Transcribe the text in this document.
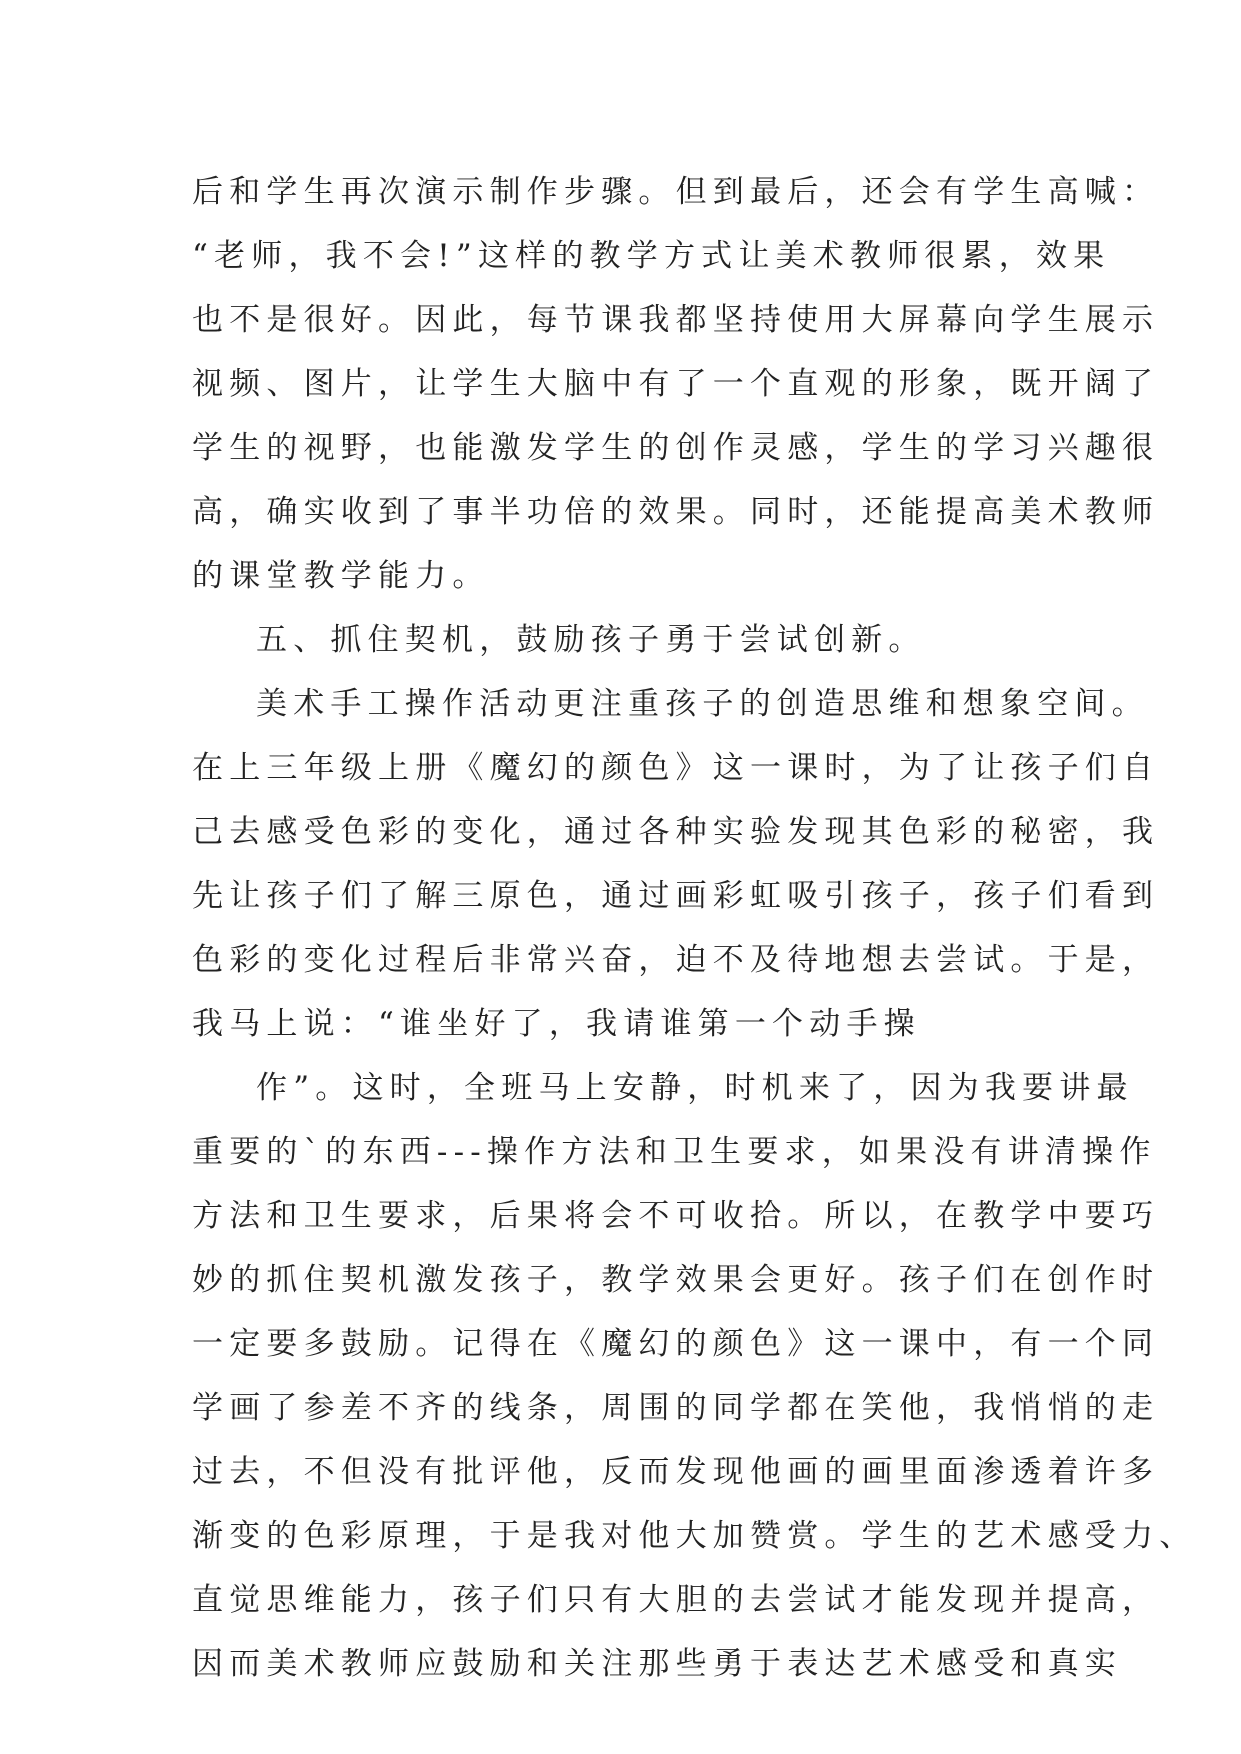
后和学生再次演示制作步骤。但到最后，还会有学生高喊：
“老师，我不会!”这样的教学方式让美术教师很累，效果
也不是很好。因此，每节课我都坚持使用大屏幕向学生展示
视频、图片，让学生大脑中有了一个直观的形象，既开阔了
学生的视野，也能激发学生的创作灵感，学生的学习兴趣很
高，确实收到了事半功倍的效果。同时，还能提高美术教师
的课堂教学能力。
五、抓住契机，鼓励孩子勇于尝试创新。
美术手工操作活动更注重孩子的创造思维和想象空间。
在上三年级上册《魔幻的颜色》这一课时，为了让孩子们自
己去感受色彩的变化，通过各种实验发现其色彩的秘密，我
先让孩子们了解三原色，通过画彩虹吸引孩子，孩子们看到
色彩的变化过程后非常兴奋，迫不及待地想去尝试。于是，
我马上说：“谁坐好了，我请谁第一个动手操
作”。这时，全班马上安静，时机来了，因为我要讲最
重要的`的东西---操作方法和卫生要求，如果没有讲清操作
方法和卫生要求，后果将会不可收拾。所以，在教学中要巧
妙的抓住契机激发孩子，教学效果会更好。孩子们在创作时
一定要多鼓励。记得在《魔幻的颜色》这一课中，有一个同
学画了参差不齐的线条，周围的同学都在笑他，我悄悄的走
过去，不但没有批评他，反而发现他画的画里面渗透着许多
渐变的色彩原理，于是我对他大加赞赏。学生的艺术感受力、
直觉思维能力，孩子们只有大胆的去尝试才能发现并提高，
因而美术教师应鼓励和关注那些勇于表达艺术感受和真实
